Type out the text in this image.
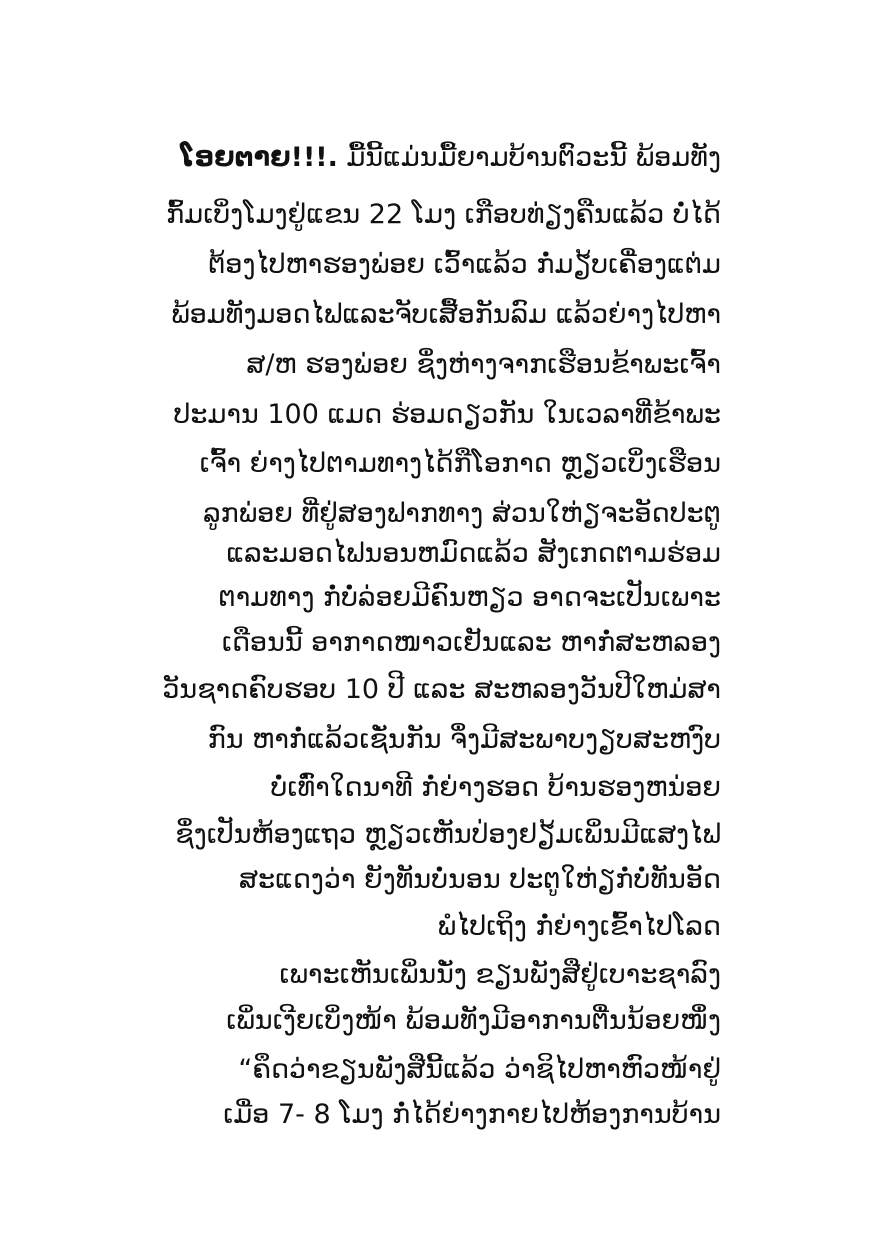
ໂອຍຕາຍ!!!. ມື້ນີ້ແມ່ນມື້ຍາມບ້ານຕົວະນີ້ ພ້ອມທັງ
ກົ້ມເບິ່ງໂມງຢູ່ແຂນ 22 ໂມງ ເກືອບທ່ຽງຄືນແລ້ວ ບໍ່ໄດ້
ຕ້ອງໄປຫາຮອງພ່ອຍ ເວົ້າແລ້ວ ກໍ່ມຽ້ບເຄື່ອງແຕ່ມ
ພ້ອມທັງມອດໄຟແລະຈັບເສື້ອກັນລົມ ແລ້ວຍ່າງໄປຫາ
ສ/ຫ ຮອງພ່ອຍ ຊຶ່ງຫ່າງຈາກເຮືອນຂ້າພະເຈົ້າ
ປະມານ 100 ແມດ ຮ່ອມດຽວກັນ ໃນເວລາທີ່ຂ້າພະ
ເຈົ້າ ຍ່າງໄປຕາມທາງໄດ້ກືໂອກາດ ຫຼຽວເບິ່ງເຮືອນ
ລູກພ່ອຍ ທີ່ຢູ່ສອງຟາກທາງ ສ່ວນໃຫ່ຽຈະອັດປະຕູ
ແລະມອດໄຟນອນຫມົດແລ້ວ ສັງເກດຕາມຮ່ອມ
ຕາມທາງ ກໍ່ບໍ່ລ່ອຍມີຄົນຫຽວ ອາດຈະເປັນເພາະ
ເດືອນນີ້ ອາກາດໜາວເຢັນແລະ ຫາກໍ່ສະຫລອງ
ວັນຊາດຄົບຮອບ 10 ປີ ແລະ ສະຫລອງວັນປີໃຫມ່ສາ
ກົນ ຫາກໍ່ແລ້ວເຊັ່ນກັນ ຈຶ່ງມີສະພາບງຽບສະຫງົບ
ບໍ່ເທົ່າໃດນາທີ ກໍ່ຍ່າງຮອດ ບ້ານຮອງຫນ່ອຍ
ຊຶ່ງເປັນຫ້ອງແຖວ ຫຼຽວເຫັນປ່ອງຢຽ້ມເພິ່ນມີແສງໄຟ
ສະແດງວ່າ ຍັງທັນບໍ່ນອນ ປະຕູໃຫ່ຽກໍ່ບໍ່ທັນອັດ
ພໍໄປເຖິງ ກໍ່ຍ່າງເຂົ້າໄປໂລດ
ເພາະເຫັນເພິ່ນນັ່ງ ຂຽນພັງສືຢູ່ເບາະຊາລົງ
ເພິ່ນເງີຍເບິ່ງໜ້າ ພ້ອມທັງມີອາການຕື່ນນ້ອຍໜຶ່ງ
“ຄຶດວ່າຂຽນພັງສືນີ້ແລ້ວ ວ່າຊິໄປຫາຫົວໜ້າຢູ່
ເມື່ອ 7- 8 ໂມງ ກໍ່ໄດ້ຍ່າງກາຍໄປຫ້ອງການບ້ານ
